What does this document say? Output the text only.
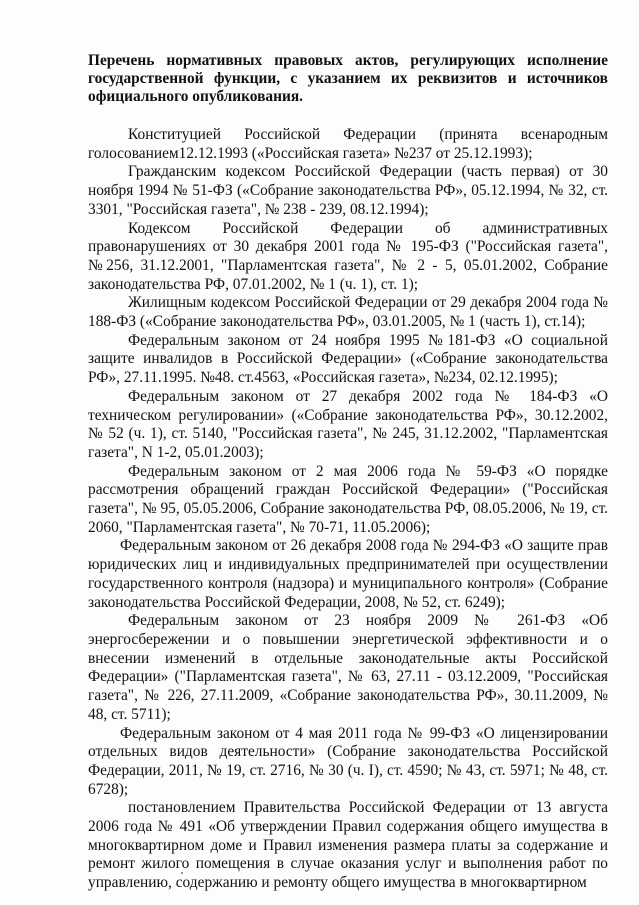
Перечень нормативных правовых актов, регулирующих исполнение государственной функции, с указанием их реквизитов и источников официального опубликования.

Конституцией Российской Федерации (принята всенародным голосованием12.12.1993 («Российская газета» №237 от 25.12.1993);

Гражданским кодексом Российской Федерации (часть первая) от 30 ноября 1994 № 51-ФЗ («Собрание законодательства РФ», 05.12.1994, № 32, ст. 3301, "Российская газета", № 238 - 239, 08.12.1994);

Кодексом Российской Федерации об административных правонарушениях от 30 декабря 2001 года № 195-ФЗ ("Российская газета", №256, 31.12.2001, "Парламентская газета", № 2 - 5, 05.01.2002, Собрание законодательства РФ, 07.01.2002, № 1 (ч. 1), ст. 1);

Жилищным кодексом Российской Федерации от 29 декабря 2004 года № 188-ФЗ («Собрание законодательства РФ», 03.01.2005, № 1 (часть 1), ст.14);

Федеральным законом от 24 ноября 1995 №181-ФЗ «О социальной защите инвалидов в Российской Федерации» («Собрание законодательства РФ», 27.11.1995. №48. ст.4563, «Российская газета», №234, 02.12.1995);

Федеральным законом от 27 декабря 2002 года № 184-ФЗ «О техническом регулировании» («Собрание законодательства РФ», 30.12.2002, № 52 (ч. 1), ст. 5140, "Российская газета", № 245, 31.12.2002, "Парламентская газета", N 1-2, 05.01.2003);

Федеральным законом от 2 мая 2006 года № 59-ФЗ «О порядке рассмотрения обращений граждан Российской Федерации» ("Российская газета", № 95, 05.05.2006, Собрание законодательства РФ, 08.05.2006, № 19, ст. 2060, "Парламентская газета", № 70-71, 11.05.2006);

Федеральным законом от 26 декабря 2008 года № 294-ФЗ «О защите прав юридических лиц и индивидуальных предпринимателей при осуществлении государственного контроля (надзора) и муниципального контроля» (Собрание законодательства Российской Федерации, 2008, № 52, ст. 6249);

Федеральным законом от 23 ноября 2009 № 261-ФЗ «Об энергосбережении и о повышении энергетической эффективности и о внесении изменений в отдельные законодательные акты Российской Федерации» ("Парламентская газета", № 63, 27.11 - 03.12.2009, "Российская газета", № 226, 27.11.2009, «Собрание законодательства РФ», 30.11.2009, № 48, ст. 5711);

Федеральным законом от 4 мая 2011 года № 99-ФЗ «О лицензировании отдельных видов деятельности» (Собрание законодательства Российской Федерации, 2011, № 19, ст. 2716, № 30 (ч. I), ст. 4590; № 43, ст. 5971; № 48, ст. 6728);

постановлением Правительства Российской Федерации от 13 августа 2006 года № 491 «Об утверждении Правил содержания общего имущества в многоквартирном доме и Правил изменения размера платы за содержание и ремонт жилого помещения в случае оказания услуг и выполнения работ по управлению, содержанию и ремонту общего имущества в многоквартирном
